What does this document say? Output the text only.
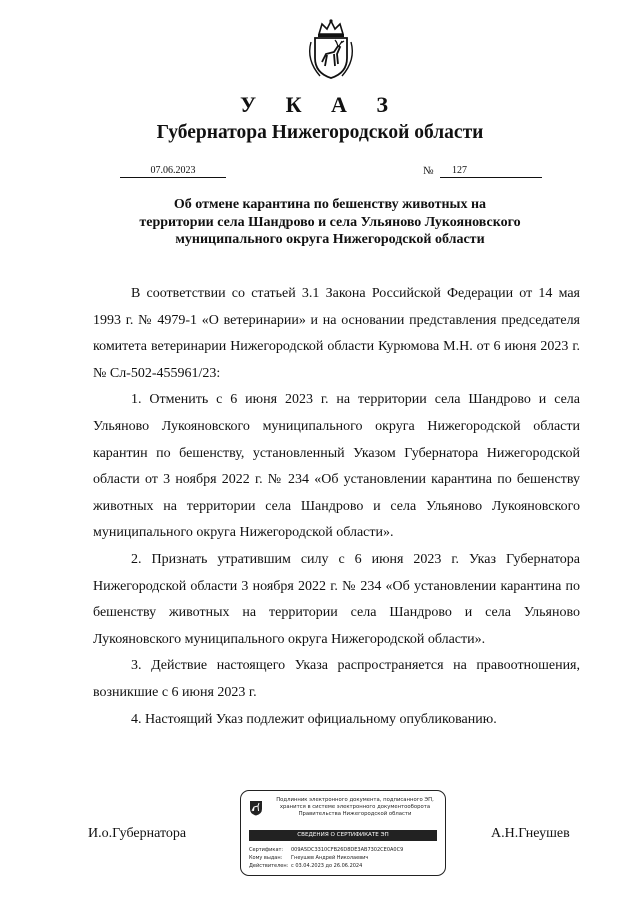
У К А З
Губернатора Нижегородской области
07.06.2023	№	127
Об отмене карантина по бешенству животных на
территории села Шандрово и села Ульяново Лукояновского
муниципального округа Нижегородской области

В соответствии со статьей 3.1 Закона Российской Федерации от 14 мая 1993 г. № 4979-1 «О ветеринарии» и на основании представления председателя комитета ветеринарии Нижегородской области Курюмова М.Н. от 6 июня 2023 г. № Сл-502-455961/23:

1. Отменить с 6 июня 2023 г. на территории села Шандрово и села Ульяново Лукояновского муниципального округа Нижегородской области карантин по бешенству, установленный Указом Губернатора Нижегородской области от 3 ноября 2022 г. № 234 «Об установлении карантина по бешенству животных на территории села Шандрово и села Ульяново Лукояновского муниципального округа Нижегородской области».

2. Признать утратившим силу с 6 июня 2023 г. Указ Губернатора Нижегородской области 3 ноября 2022 г. № 234 «Об установлении карантина по бешенству животных на территории села Шандрово и села Ульяново Лукояновского муниципального округа Нижегородской области».

3. Действие настоящего Указа распространяется на правоотношения, возникшие с 6 июня 2023 г.

4. Настоящий Указ подлежит официальному опубликованию.

И.о.Губернатора	А.Н.Гнеушев
Подлинник электронного документа, подписанного ЭП,
хранится в системе электронного документооборота
Правительства Нижегородской области
СВЕДЕНИЯ О СЕРТИФИКАТЕ ЭП
Сертификат: 009A5DC3310CFB26D8DE3AB7302CE0A0C9
Кому выдан: Гнеушев Андрей Николаевич
Действителен: с 03.04.2023 до 26.06.2024
